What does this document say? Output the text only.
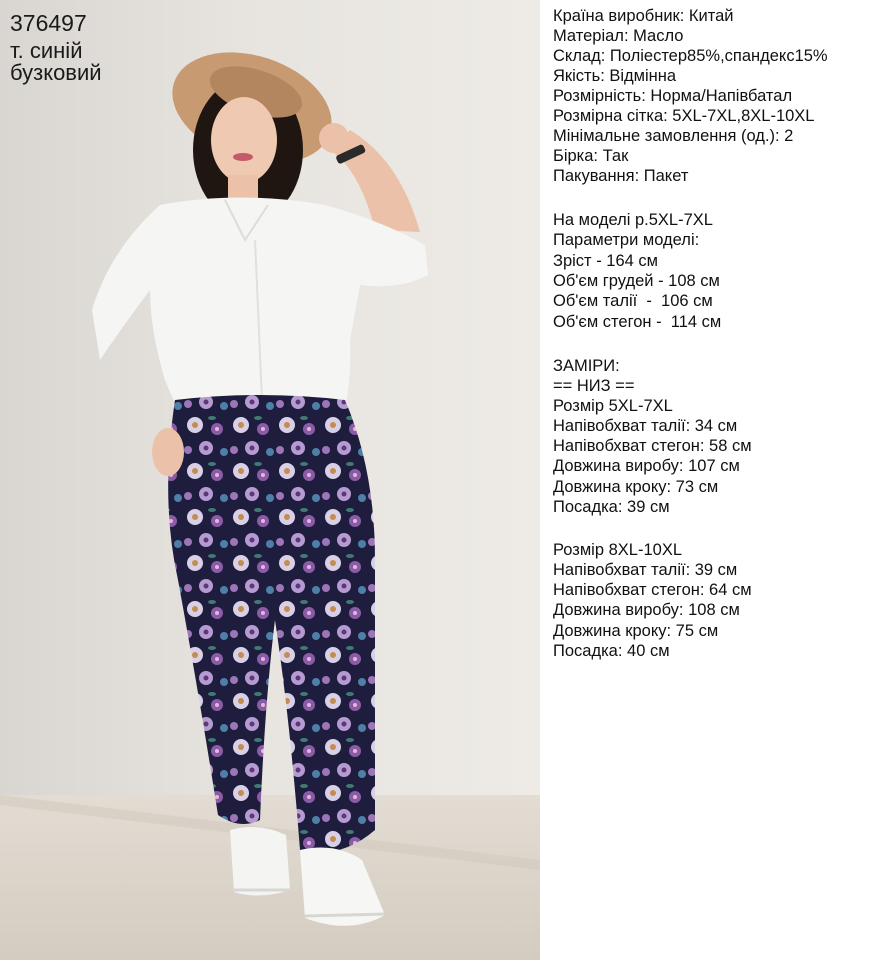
376497
т. синій
бузковий
Країна виробник: Китай
Матеріал: Масло
Склад: Поліестер85%,спандекс15%
Якість: Відмінна
Розмірність: Норма/Напівбатал
Розмірна сітка: 5XL-7XL,8XL-10XL
Мінімальне замовлення (од.): 2
Бірка: Так
Пакування: Пакет
На моделі р.5XL-7XL
Параметри моделі:
Зріст - 164 см
Об'єм грудей - 108 см
Об'єм талії  -  106 см
Об'єм стегон -  114 см
ЗАМІРИ:
== НИЗ ==
Розмір 5XL-7XL
Напівобхват талії: 34 см
Напівобхват стегон: 58 см
Довжина виробу: 107 см
Довжина кроку: 73 см
Посадка: 39 см
Розмір 8XL-10XL
Напівобхват талії: 39 см
Напівобхват стегон: 64 см
Довжина виробу: 108 см
Довжина кроку: 75 см
Посадка: 40 см
